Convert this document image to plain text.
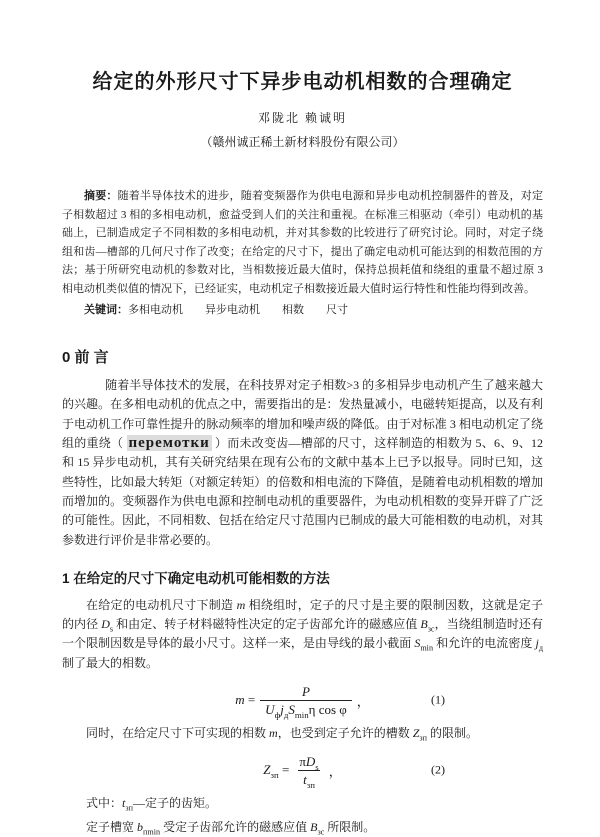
给定的外形尺寸下异步电动机相数的合理确定
邓陇北 赖诚明
（赣州诚正稀土新材料股份有限公司）

摘要：随着半导体技术的进步，随着变频器作为供电电源和异步电动机控制器件的普及，对定子相数超过 3 相的多相电动机，愈益受到人们的关注和重视。在标准三相驱动（牵引）电动机的基础上，已制造成定子不同相数的多相电动机，并对其参数的比较进行了研究讨论。同时，对定子绕组和齿—槽部的几何尺寸作了改变；在给定的尺寸下，提出了确定电动机可能达到的相数范围的方法；基于所研究电动机的参数对比，当相数接近最大值时，保持总损耗值和绕组的重量不超过原 3 相电动机类似值的情况下，已经证实，电动机定子相数接近最大值时运行特性和性能均得到改善。

关键词：多相电动机　　异步电动机　　相数　　尺寸

0 前 言

随着半导体技术的发展，在科技界对定子相数>3 的多相异步电动机产生了越来越大的兴趣。在多相电动机的优点之中，需要指出的是：发热量减小，电磁转矩提高，以及有利于电动机工作可靠性提升的脉动频率的增加和噪声级的降低。由于对标准 3 相电动机定了绕组的重绕（ перемотки ）而未改变齿—槽部的尺寸，这样制造的相数为 5、6、9、12 和 15 异步电动机，其有关研究结果在现有公布的文献中基本上已予以报导。同时已知，这些特性，比如最大转矩（对额定转矩）的倍数和相电流的下降值，是随着电动机相数的增加而增加的。变频器作为供电电源和控制电动机的重要器件，为电动机相数的变异开辟了广泛的可能性。因此，不同相数、包括在给定尺寸范围内已制成的最大可能相数的电动机，对其参数进行评价是非常必要的。

1 在给定的尺寸下确定电动机可能相数的方法

在给定的电动机尺寸下制造 m 相绕组时，定子的尺寸是主要的限制因数，这就是定子的内径 $D_s$ 和由定、转子材料磁特性决定的定子齿部允许的磁感应值 $B_{зс}$，当绕组制造时还有一个限制因数是导体的最小尺寸。这样一来，是由导线的最小截面 $S_{min}$ 和允许的电流密度 $j_д$ 制了最大的相数。

$m = \frac{P}{U_фj_дS_{min}\eta \cos \varphi}$ ，	(1)

同时，在给定尺寸下可实现的相数 m，也受到定子允许的槽数 $Z_{зп}$ 的限制。

$Z_{зп} = \frac{\pi D_s}{t_{зп}}$ ，	(2)

式中：$t_{зп}—$定子的齿矩。

定子槽宽 $b_{пmin}$ 受定子齿部允许的磁感应值 $B_{зс}$ 所限制。
